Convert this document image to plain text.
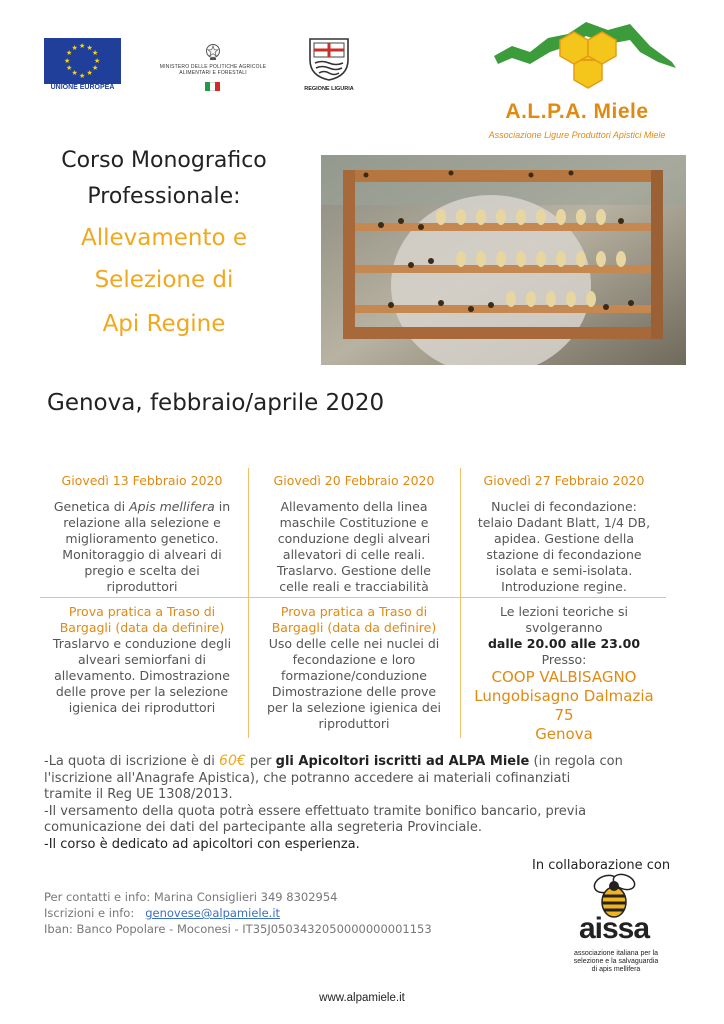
★ ★
★
★
★
★
★
★
★
★
★
★
UNIONE EUROPEA
MINISTERO DELLE POLITICHE AGRICOLE ALIMENTARI E FORESTALI
REGIONE LIGURIA
A.L.P.A. Miele
Associazione Ligure Produttori Apistici Miele
Corso Monografico
Professionale:
Allevamento e
Selezione di
Api Regine
Genova, febbraio/aprile 2020
Giovedì 13 Febbraio 2020
Genetica di Apis mellifera in
relazione alla selezione e
miglioramento genetico.
Monitoraggio di alveari di
pregio e scelta dei
riproduttori
Giovedì 20 Febbraio 2020
Allevamento della linea
maschile Costituzione e
conduzione degli alveari
allevatori di celle reali.
Traslarvo. Gestione delle
celle reali e tracciabilità
Giovedì 27 Febbraio 2020
Nuclei di fecondazione:
telaio Dadant Blatt, 1/4 DB,
apidea. Gestione della
stazione di fecondazione
isolata e semi-isolata.
Introduzione regine.
Prova pratica a Traso di
Bargagli (data da definire)
Traslarvo e conduzione degli
alveari semiorfani di
allevamento. Dimostrazione
delle prove per la selezione
igienica dei riproduttori
Prova pratica a Traso di
Bargagli (data da definire)
Uso delle celle nei nuclei di
fecondazione e loro
formazione/conduzione
Dimostrazione delle prove
per la selezione igienica dei
riproduttori
Le lezioni teoriche si
svolgeranno
dalle 20.00 alle 23.00
Presso:
COOP VALBISAGNO
Lungobisagno Dalmazia 75
Genova

-La quota di iscrizione è di 60€ per gli Apicoltori iscritti ad ALPA Miele (in regola con

l'iscrizione all'Anagrafe Apistica), che potranno accedere ai materiali cofinanziati

tramite il Reg UE 1308/2013.

-Il versamento della quota potrà essere effettuato tramite bonifico bancario, previa

comunicazione dei dati del partecipante alla segreteria Provinciale.

-Il corso è dedicato ad apicoltori con esperienza.

Per contatti e info: Marina Consiglieri 349 8302954

Iscrizioni e info:   genovese@alpamiele.it

Iban: Banco Popolare - Moconesi - IT35J0503432050000000001153

In collaborazione con
aissa
associazione italiana per la
selezione e la salvaguardia
di apis mellifera
www.alpamiele.it
